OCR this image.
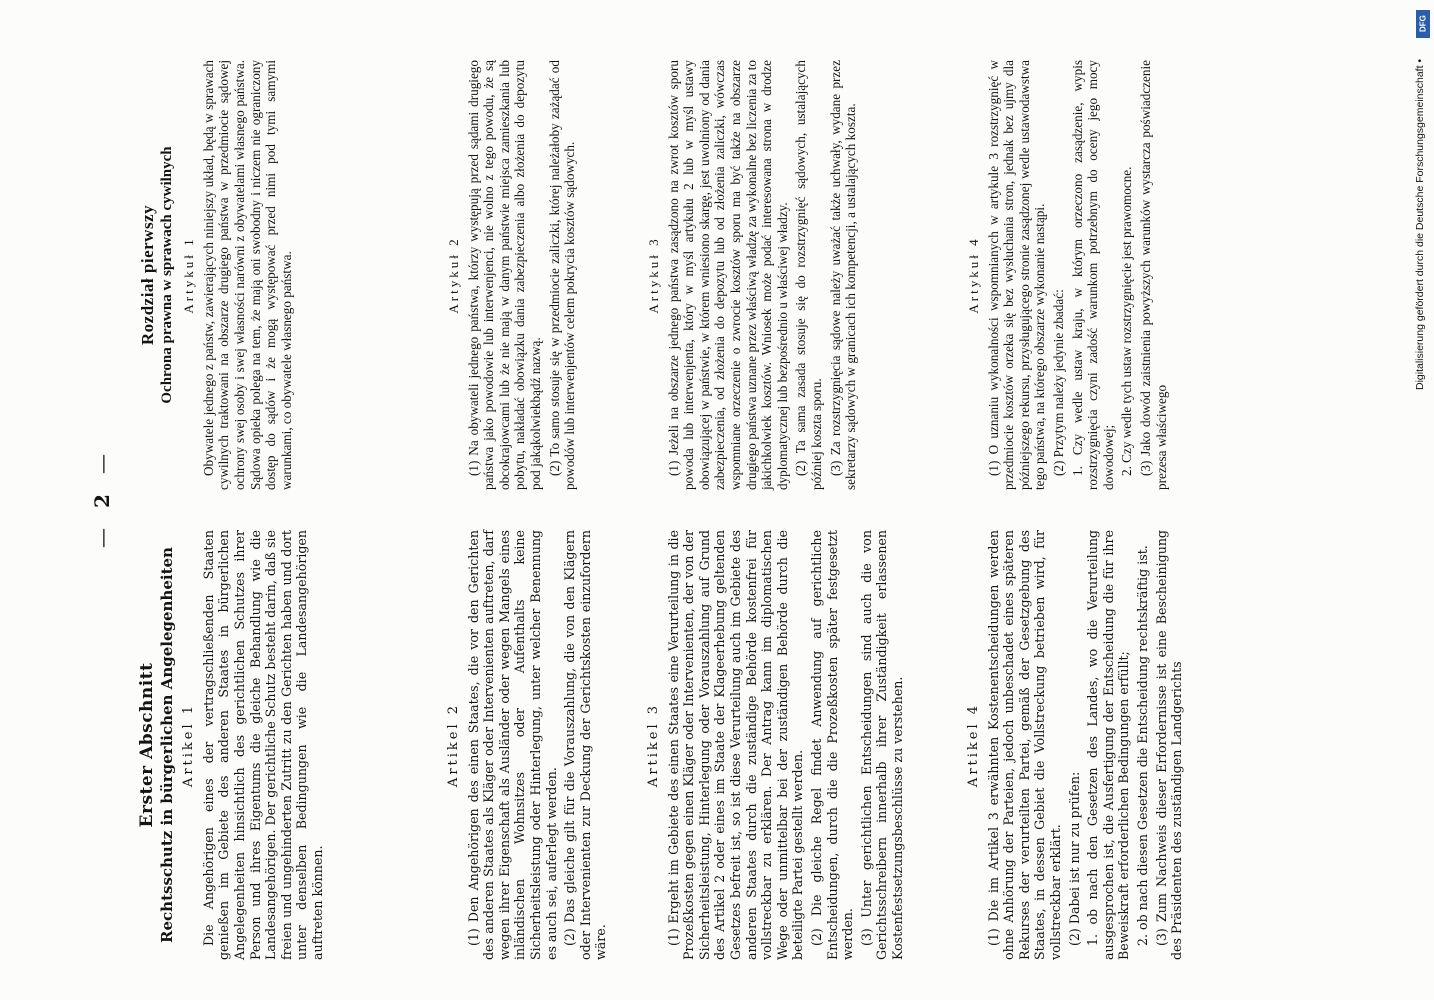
—2—
Erster Abschnitt Rechtsschutz in bürgerlichen Angelegenheiten Artikel 1 Die Angehörigen eines der vertragschließenden Staaten genießen im Gebiete des anderen Staates in bürgerlichen Angelegenheiten hinsichtlich des gerichtlichen Schutzes ihrer Person und ihres Eigentums die gleiche Behandlung wie die Landesangehörigen. Der gerichtliche Schutz besteht darin, daß sie freien und ungehinderten Zutritt zu den Gerichten haben und dort unter denselben Bedingungen wie die Landesangehörigen auftreten können.

Artikel 2 (1) Den Angehörigen des einen Staates, die vor den Gerichten des anderen Staates als Kläger oder Intervenienten auftreten, darf wegen ihrer Eigenschaft als Ausländer oder wegen Mangels eines inländischen Wohnsitzes oder Aufenthalts keine Sicherheitsleistung oder Hinterlegung, unter welcher Benennung es auch sei, auferlegt werden. (2) Das gleiche gilt für die Vorauszahlung, die von den Klägern oder Intervenienten zur Deckung der Gerichtskosten einzufordern wäre.

Artikel 3 (1) Ergeht im Gebiete des einen Staates eine Verurteilung in die Prozeßkosten gegen einen Kläger oder Intervenienten, der von der Sicherheitsleistung, Hinterlegung oder Vorauszahlung auf Grund des Artikel 2 oder eines im Staate der Klageerhebung geltenden Gesetzes befreit ist, so ist diese Verurteilung auch im Gebiete des anderen Staates durch die zuständige Behörde kostenfrei für vollstreckbar zu erklären. Der Antrag kann im diplomatischen Wege oder unmittelbar bei der zuständigen Behörde durch die beteiligte Partei gestellt werden. (2) Die gleiche Regel findet Anwendung auf gerichtliche Entscheidungen, durch die die Prozeßkosten später festgesetzt werden. (3) Unter gerichtlichen Entscheidungen sind auch die von Gerichtsschreibern innerhalb ihrer Zuständigkeit erlassenen Kostenfestsetzungsbeschlüsse zu verstehen.	Artikel 4 (1) Die im Artikel 3 erwähnten Kostenentscheidungen werden ohne Anhörung der Parteien, jedoch unbeschadet eines späteren Rekurses der verurteilten Partei, gemäß der Gesetzgebung des Staates, in dessen Gebiet die Vollstreckung betrieben wird, für vollstreckbar erklärt. (2) Dabei ist nur zu prüfen: 1. ob nach den Gesetzen des Landes, wo die Verurteilung ausgesprochen ist, die Ausfertigung der Entscheidung die für ihre Beweiskraft erforderlichen Bedingungen erfüllt; 2. ob nach diesen Gesetzen die Entscheidung rechtskräftig ist. (3) Zum Nachweis dieser Erfordernisse ist eine Bescheinigung des Präsidenten des zuständigen Landgerichts

Rozdział pierwszy Ochrona prawna w sprawach cywilnych Artykuł 1 Obywatele jednego z państw, zawierających niniejszy układ, będą w sprawach cywilnych traktowani na obszarze drugiego państwa w przedmiocie sądowej ochrony swej osoby i swej własności narówni z obywatelami własnego państwa. Sądowa opieka polega na tem, że mają oni swobodny i niczem nie ograniczony dostęp do sądów i że mogą występować przed nimi pod tymi samymi warunkami, co obywatele własnego państwa.	Artykuł 2 (1) Na obywateli jednego państwa, którzy występują przed sądami drugiego państwa jako powodowie lub interwenjenci, nie wolno z tego powodu, że są obcokrajowcami lub że nie mają w danym państwie miejsca zamieszkania lub pobytu, nakładać obowiązku dania zabezpieczenia albo złożenia do depozytu pod jakąkolwiekbądź nazwą. (2) To samo stosuje się w przedmiocie zaliczki, której należałoby zażądać od powodów lub interwenjentów celem pokrycia kosztów sądowych.	Artykuł 3 (1) Jeżeli na obszarze jednego państwa zasądzono na zwrot kosztów sporu powoda lub interwenjenta, który w myśl artykułu 2 lub w myśl ustawy obowiązującej w państwie, w którem wniesiono skargę, jest uwolniony od dania zabezpieczenia, od złożenia do depozytu lub od złożenia zaliczki, wówczas wspomniane orzeczenie o zwrocie kosztów sporu ma być także na obszarze drugiego państwa uznane przez właściwą władzę za wykonalne bez liczenia za to jakichkolwiek kosztów. Wniosek może podać interesowana strona w drodze dyplomatycznej lub bezpośrednio u właściwej władzy. (2) Ta sama zasada stosuje się do rozstrzygnięć sądowych, ustalających później koszta sporu. (3) Za rozstrzygnięcia sądowe należy uważać także uchwały, wydane przez sekretarzy sądowych w granicach ich kompetencji, a ustalających koszta.	Artykuł 4 (1) O uznaniu wykonalności wspomnianych w artykule 3 rozstrzygnięć w przedmiocie kosztów orzeka się bez wysłuchania stron, jednak bez ujmy dla późniejszego rekursu, przysługującego stronie zasądzonej wedle ustawodawstwa tego państwa, na którego obszarze wykonanie nastąpi. (2) Przytym należy jedynie zbadać: 1. Czy wedle ustaw kraju, w którym orzeczono zasądzenie, wypis rozstrzygnięcia czyni zadość warunkom potrzebnym do oceny jego mocy dowodowej; 2. Czy wedle tych ustaw rozstrzygnięcie jest prawomocne. (3) Jako dowód zaistnienia powyższych warunków wystarcza poświadczenie prezesa właściwego

DFG
Digitalisierung gefördert durch die Deutsche Forschungsgemeinschaft •
